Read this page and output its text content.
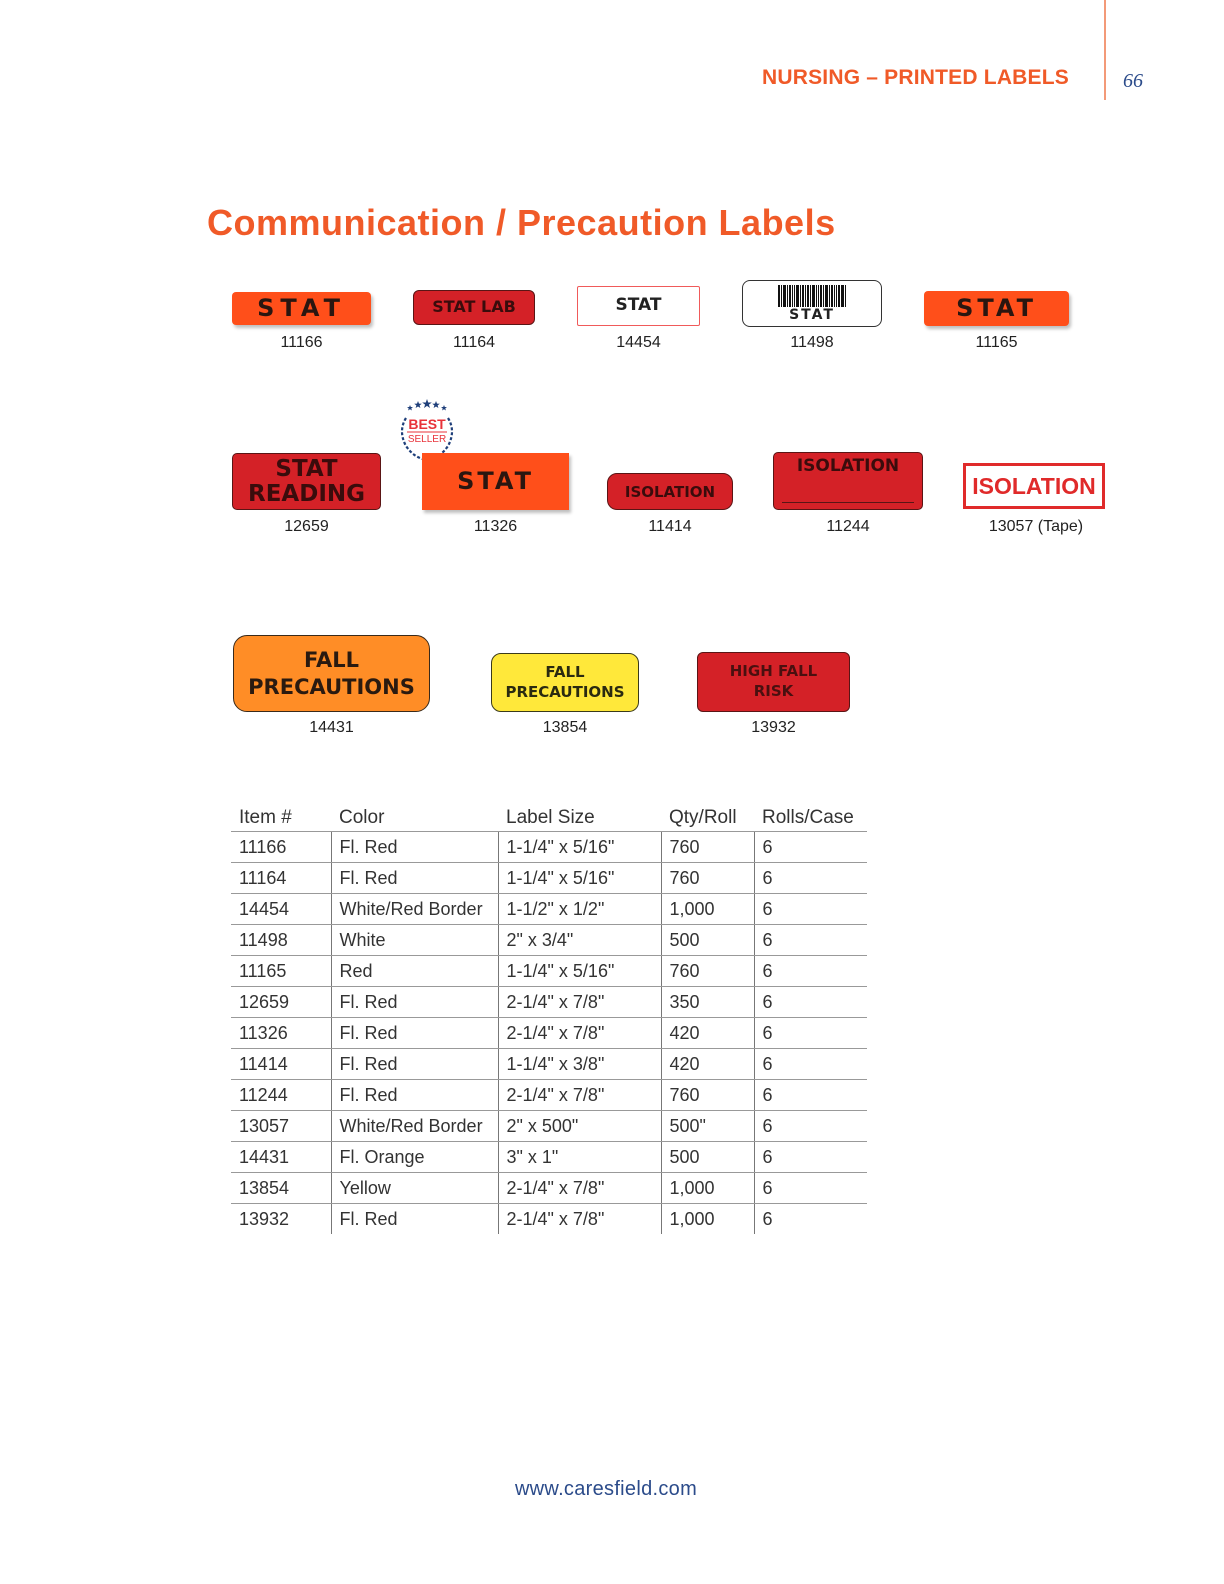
NURSING – PRINTED LABELS	66
Communication / Precaution Labels
STAT
11166
STAT LAB
11164
STAT
14454
STAT
11498
STAT
11165
BEST
SELLER
STAT
READING
12659
STAT
11326
ISOLATION
11414
ISOLATION
11244
ISOLATION
13057 (Tape)
FALL
PRECAUTIONS
14431
FALL
PRECAUTIONS
13854
HIGH FALL
RISK
13932
Item #	Color	Label Size	Qty/Roll	Rolls/Case
11166	Fl. Red	1-1/4" x 5/16"	760	6
11164	Fl. Red	1-1/4" x 5/16"	760	6
14454	White/Red Border	1-1/2" x 1/2"	1,000	6
11498	White	2" x 3/4"	500	6
11165	Red	1-1/4" x 5/16"	760	6
12659	Fl. Red	2-1/4" x 7/8"	350	6
11326	Fl. Red	2-1/4" x 7/8"	420	6
11414	Fl. Red	1-1/4" x 3/8"	420	6
11244	Fl. Red	2-1/4" x 7/8"	760	6
13057	White/Red Border	2" x 500"	500"	6
14431	Fl. Orange	3" x 1"	500	6
13854	Yellow	2-1/4" x 7/8"	1,000	6
13932	Fl. Red	2-1/4" x 7/8"	1,000	6
www.caresfield.com
